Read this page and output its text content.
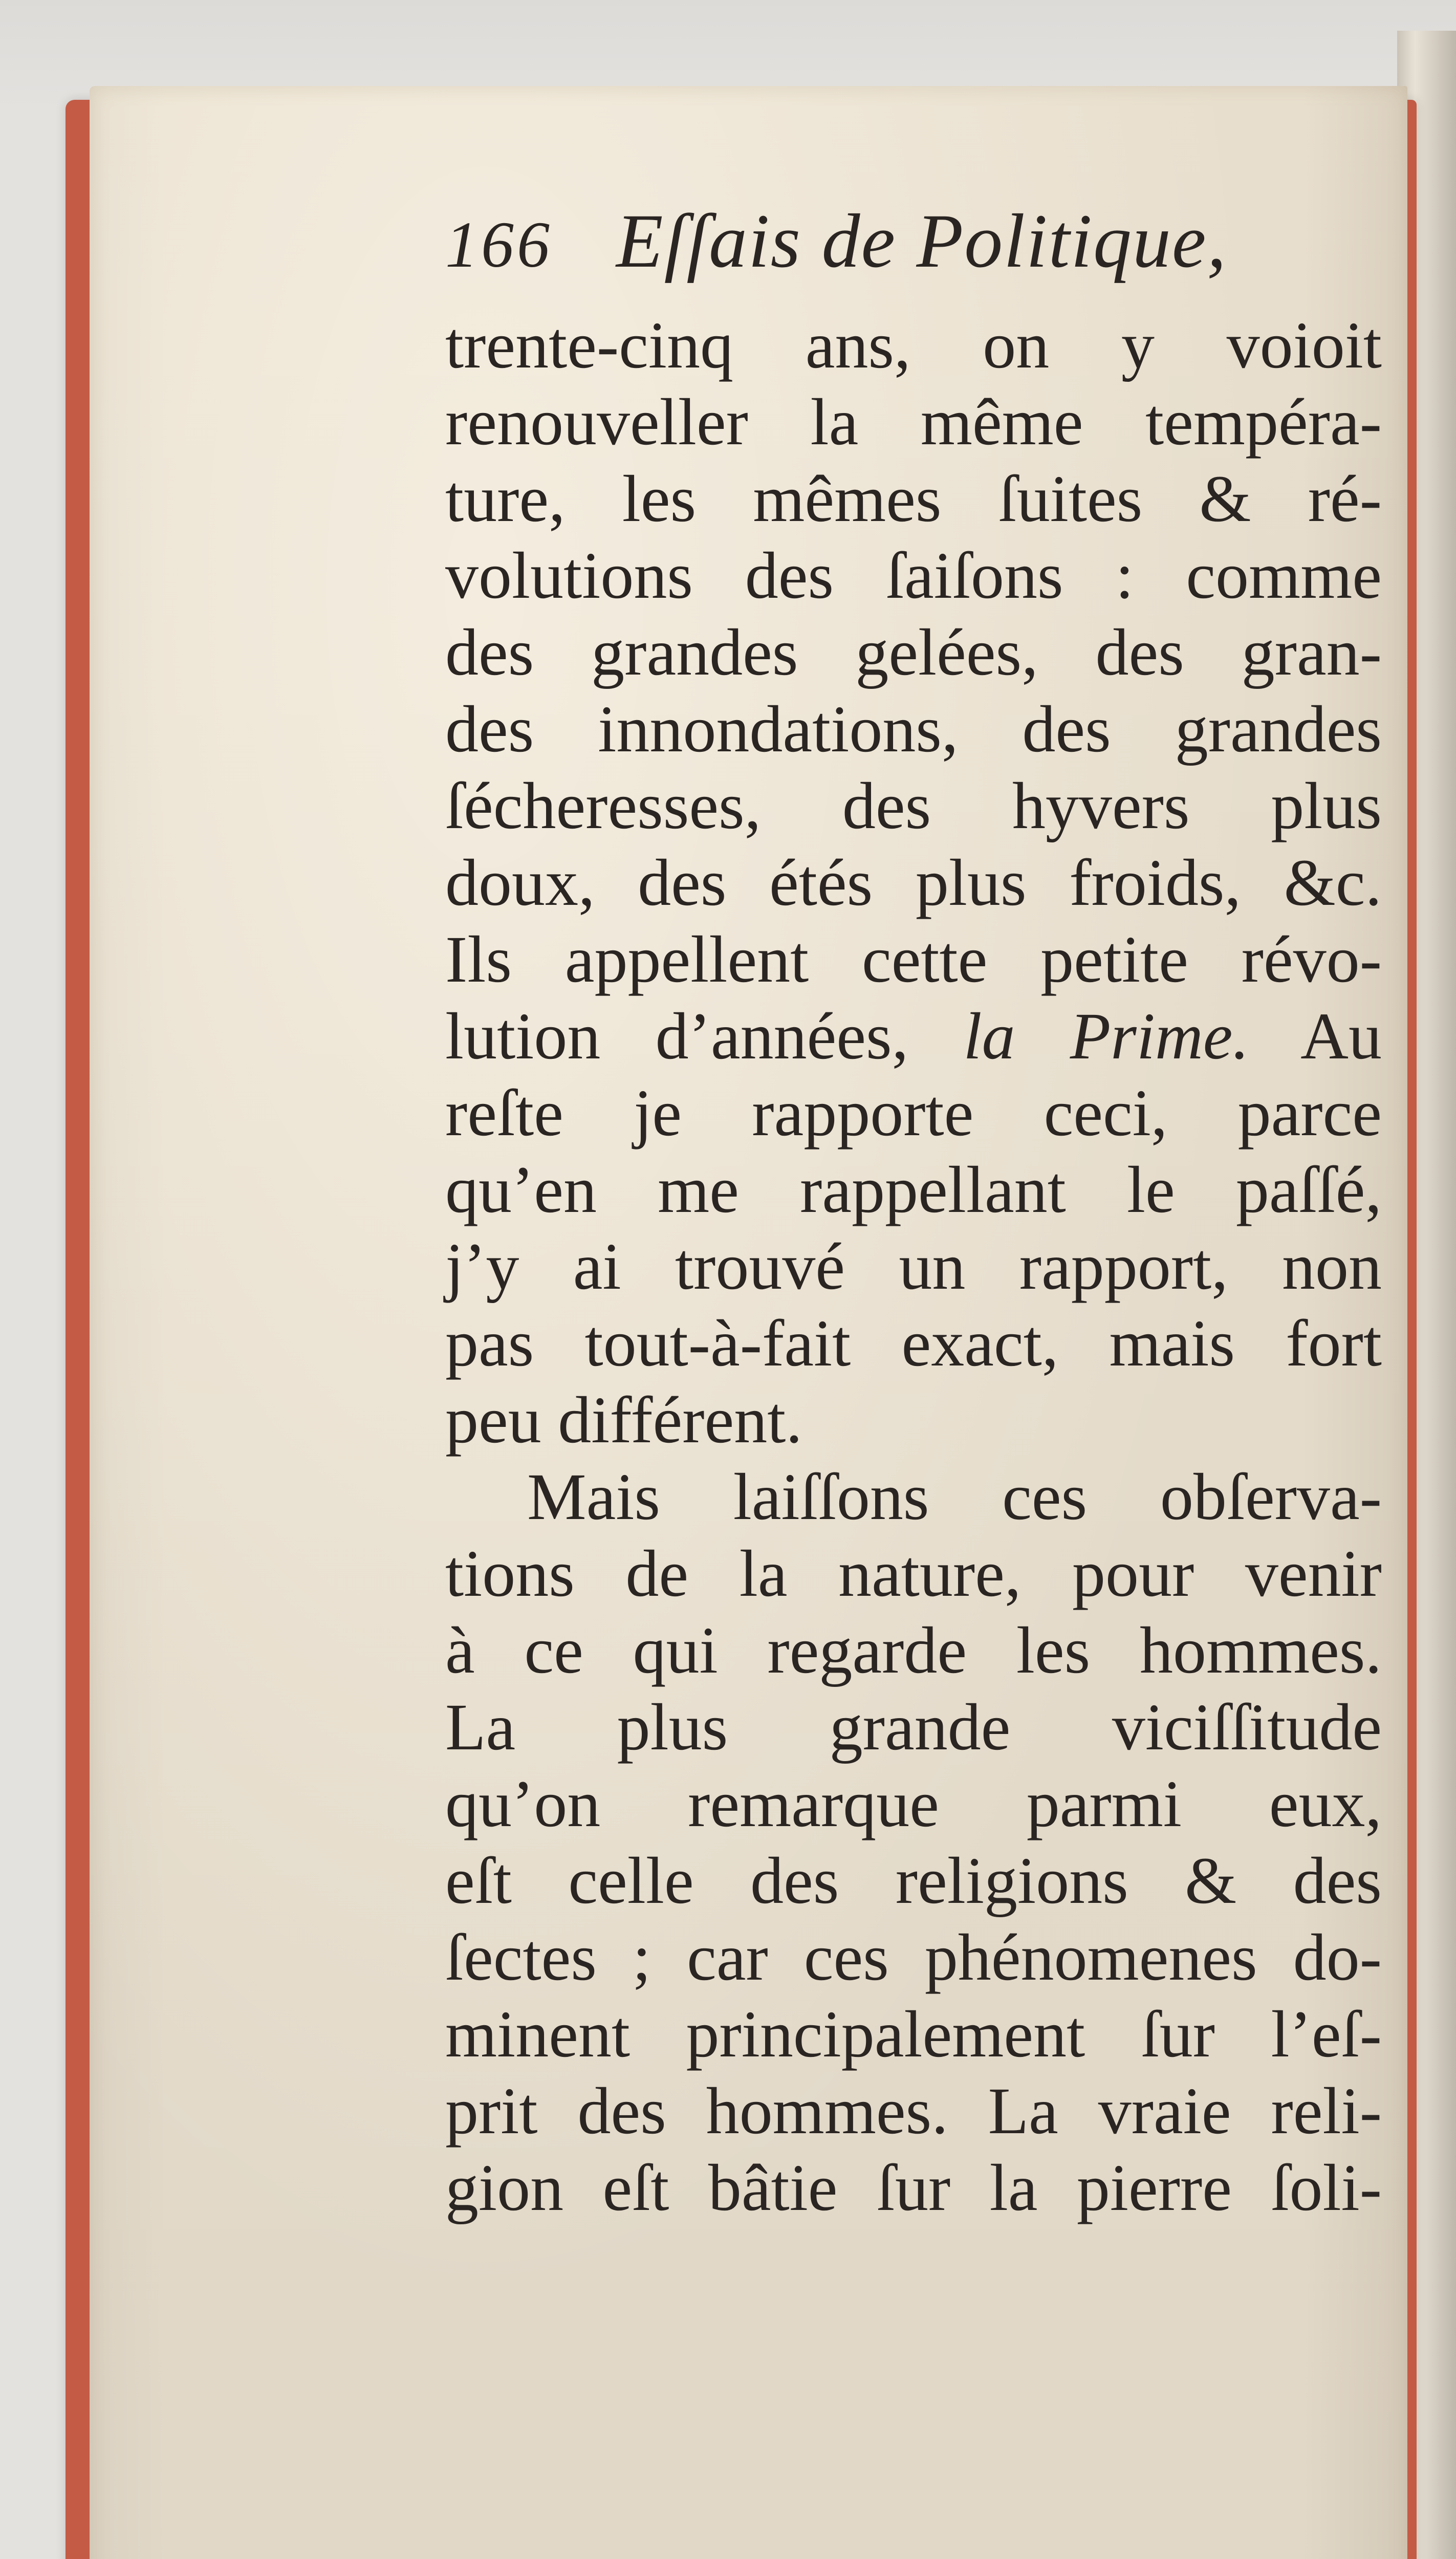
166 Eſſais de Politique,
trente-cinq ans, on y voioit
renouveller la même tempéra-
ture, les mêmes ſuites & ré-
volutions des ſaiſons : comme
des grandes gelées, des gran-
des innondations, des grandes
ſécheresses, des hyvers plus
doux, des étés plus froids, &c.
Ils appellent cette petite révo-
lution d’années, la Prime. Au
reſte je rapporte ceci, parce
qu’en me rappellant le paſſé,
j’y ai trouvé un rapport, non
pas tout-à-fait exact, mais fort
peu différent.
Mais laiſſons ces obſerva-
tions de la nature, pour venir
à ce qui regarde les hommes.
La plus grande viciſſitude
qu’on remarque parmi eux,
eſt celle des religions & des
ſectes ; car ces phénomenes do-
minent principalement ſur l’eſ-
prit des hommes. La vraie reli-
gion eſt bâtie ſur la pierre ſoli-
